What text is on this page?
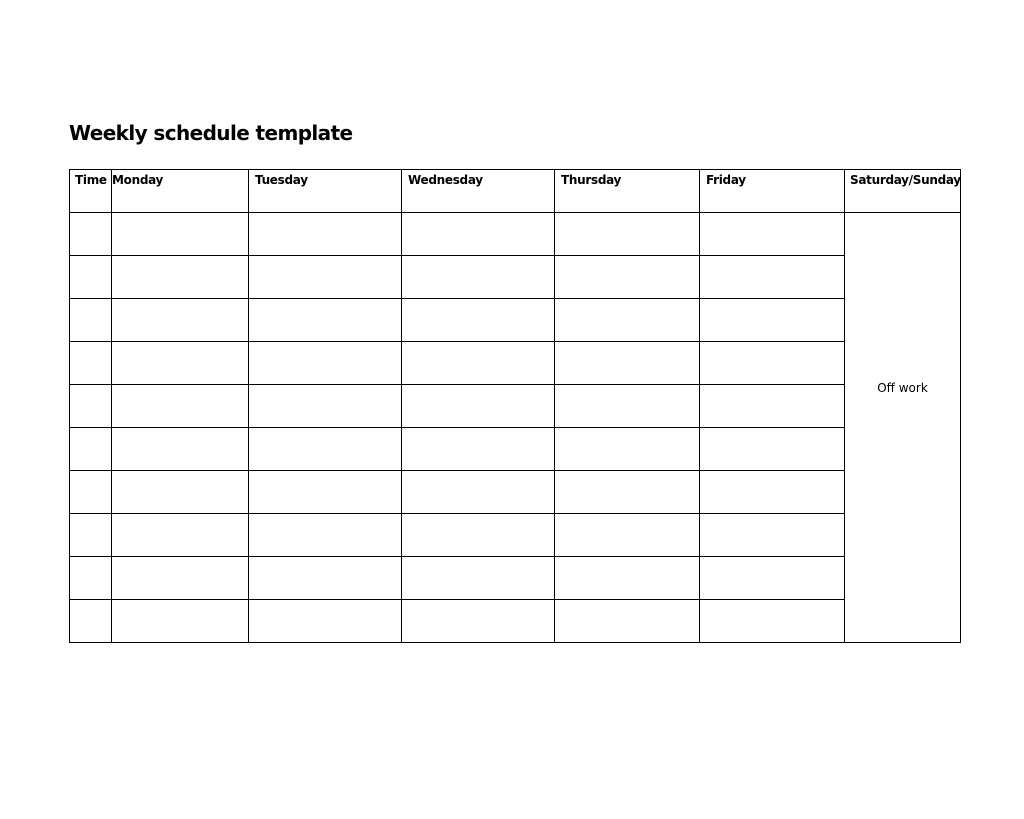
Weekly schedule template
Time	Monday	Tuesday	Wednesday	Thursday	Friday	Saturday/Sunday

						Off work
